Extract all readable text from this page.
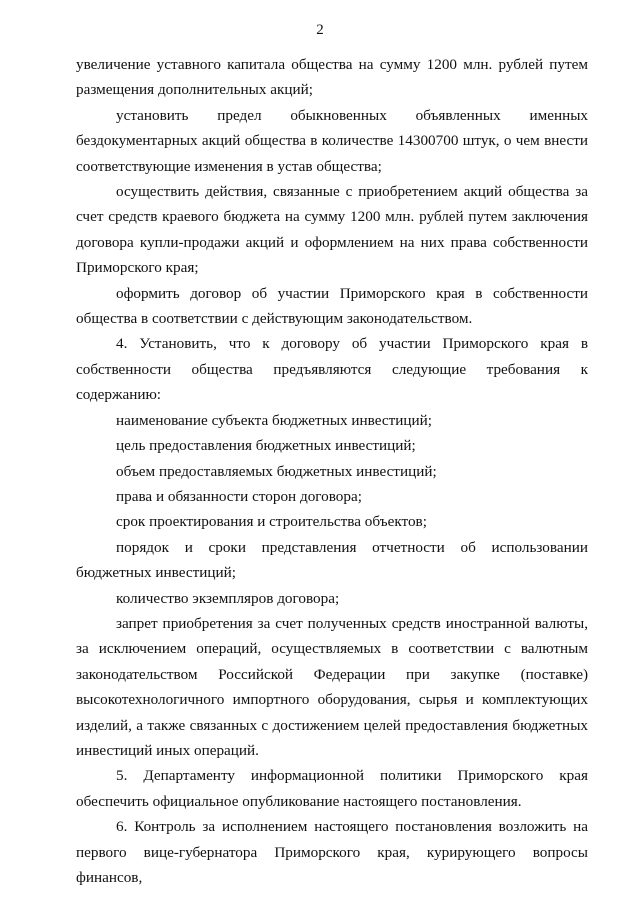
2

увеличение уставного капитала общества на сумму 1200 млн. рублей путем размещения дополнительных акций;

установить предел обыкновенных объявленных именных бездокументарных акций общества в количестве 14300700 штук, о чем внести соответствующие изменения в устав общества;

осуществить действия, связанные с приобретением акций общества за счет средств краевого бюджета на сумму 1200 млн. рублей путем заключения договора купли-продажи акций и оформлением на них права собственности Приморского края;

оформить договор об участии Приморского края в собственности общества в соответствии с действующим законодательством.

4. Установить, что к договору об участии Приморского края в собственности общества предъявляются следующие требования к содержанию:

наименование субъекта бюджетных инвестиций;

цель предоставления бюджетных инвестиций;

объем предоставляемых бюджетных инвестиций;

права и обязанности сторон договора;

срок проектирования и строительства объектов;

порядок и сроки представления отчетности об использовании бюджетных инвестиций;

количество экземпляров договора;

запрет приобретения за счет полученных средств иностранной валюты, за исключением операций, осуществляемых в соответствии с валютным законодательством Российской Федерации при закупке (поставке) высокотехнологичного импортного оборудования, сырья и комплектующих изделий, а также связанных с достижением целей предоставления бюджетных инвестиций иных операций.

5. Департаменту информационной политики Приморского края обеспечить официальное опубликование настоящего постановления.

6. Контроль за исполнением настоящего постановления возложить на первого вице-губернатора Приморского края, курирующего вопросы финансов,
